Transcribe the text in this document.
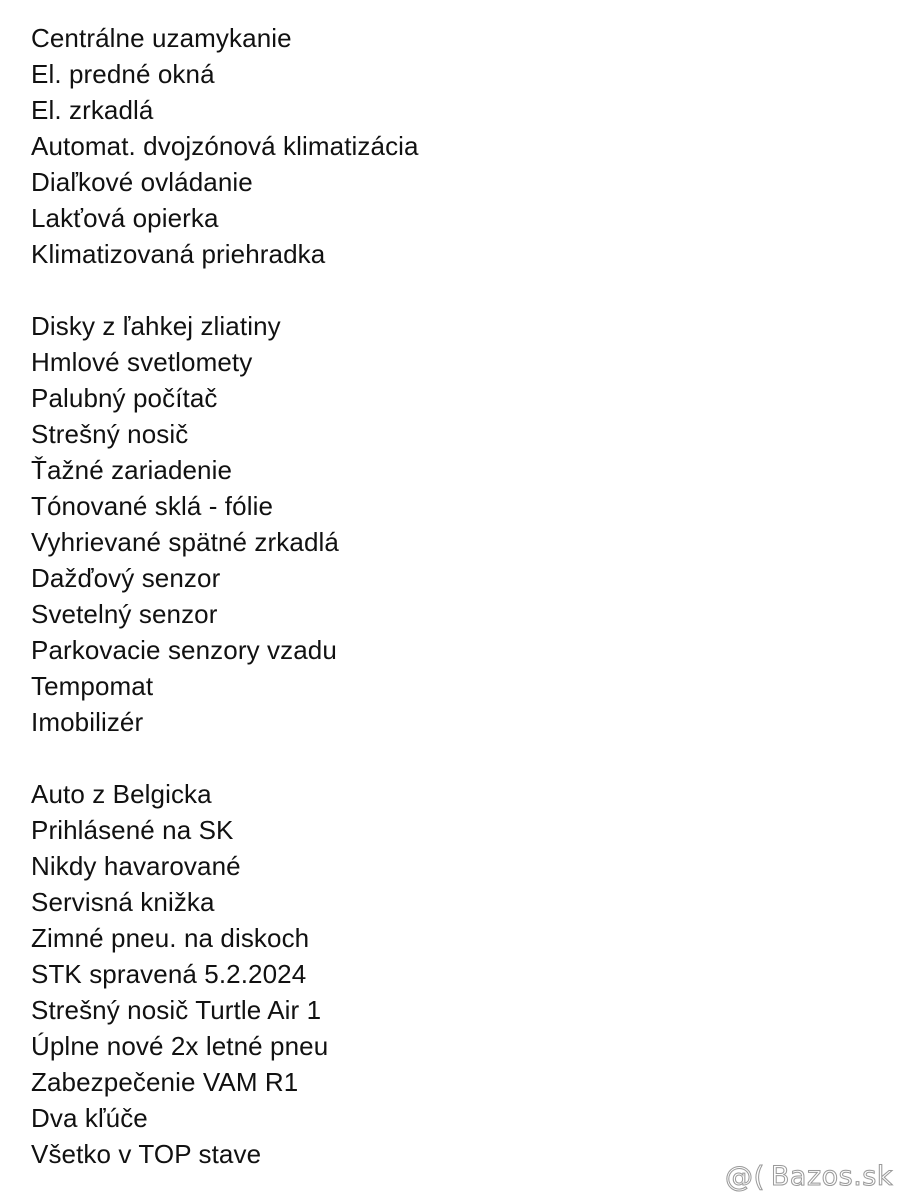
Centrálne uzamykanie
El. predné okná
El. zrkadlá
Automat. dvojzónová klimatizácia
Diaľkové ovládanie
Lakťová opierka
Klimatizovaná priehradka
Disky z ľahkej zliatiny
Hmlové svetlomety
Palubný počítač
Strešný nosič
Ťažné zariadenie
Tónované sklá - fólie
Vyhrievané spätné zrkadlá
Dažďový senzor
Svetelný senzor
Parkovacie senzory vzadu
Tempomat
Imobilizér
Auto z Belgicka
Prihlásené na SK
Nikdy havarované
Servisná knižka
Zimné pneu. na diskoch
STK spravená 5.2.2024
Strešný nosič Turtle Air 1
Úplne nové 2x letné pneu
Zabezpečenie VAM R1
Dva kľúče
Všetko v TOP stave
@( Bazos.sk
